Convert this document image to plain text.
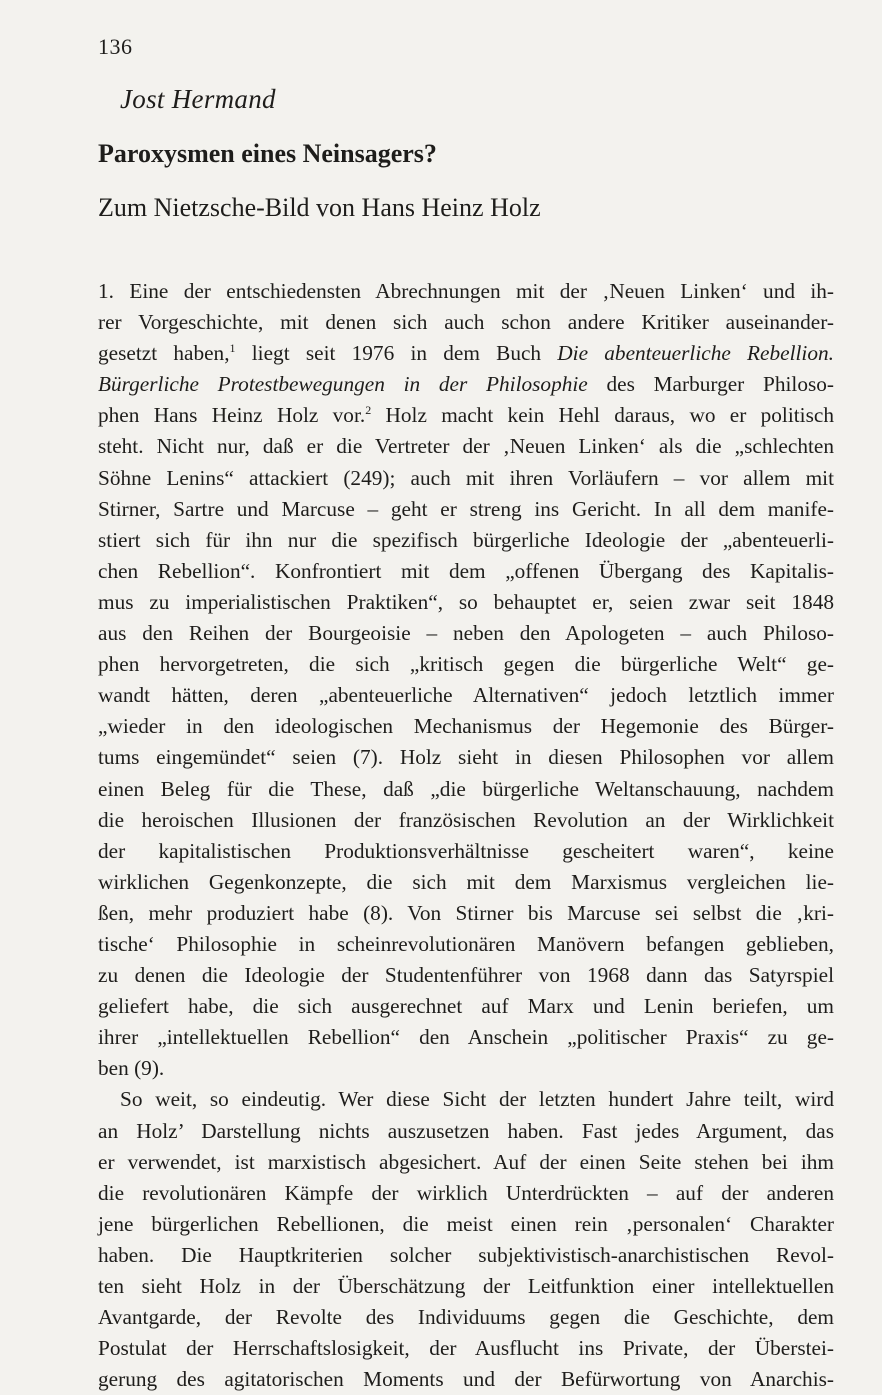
136
Jost Hermand
Paroxysmen eines Neinsagers?
Zum Nietzsche-Bild von Hans Heinz Holz
1. Eine der entschiedensten Abrechnungen mit der ‚Neuen Linken‘ und ih-
rer Vorgeschichte, mit denen sich auch schon andere Kritiker auseinander-
gesetzt haben,$^1$ liegt seit 1976 in dem Buch Die abenteuerliche Rebellion.
Bürgerliche Protestbewegungen in der Philosophie des Marburger Philoso-
phen Hans Heinz Holz vor.$^2$ Holz macht kein Hehl daraus, wo er politisch
steht. Nicht nur, daß er die Vertreter der ‚Neuen Linken‘ als die „schlechten
Söhne Lenins“ attackiert (249); auch mit ihren Vorläufern – vor allem mit
Stirner, Sartre und Marcuse – geht er streng ins Gericht. In all dem manife-
stiert sich für ihn nur die spezifisch bürgerliche Ideologie der „abenteuerli-
chen Rebellion“. Konfrontiert mit dem „offenen Übergang des Kapitalis-
mus zu imperialistischen Praktiken“, so behauptet er, seien zwar seit 1848
aus den Reihen der Bourgeoisie – neben den Apologeten – auch Philoso-
phen hervorgetreten, die sich „kritisch gegen die bürgerliche Welt“ ge-
wandt hätten, deren „abenteuerliche Alternativen“ jedoch letztlich immer
„wieder in den ideologischen Mechanismus der Hegemonie des Bürger-
tums eingemündet“ seien (7). Holz sieht in diesen Philosophen vor allem
einen Beleg für die These, daß „die bürgerliche Weltanschauung, nachdem
die heroischen Illusionen der französischen Revolution an der Wirklichkeit
der kapitalistischen Produktionsverhältnisse gescheitert waren“, keine
wirklichen Gegenkonzepte, die sich mit dem Marxismus vergleichen lie-
ßen, mehr produziert habe (8). Von Stirner bis Marcuse sei selbst die ‚kri-
tische‘ Philosophie in scheinrevolutionären Manövern befangen geblieben,
zu denen die Ideologie der Studentenführer von 1968 dann das Satyrspiel
geliefert habe, die sich ausgerechnet auf Marx und Lenin beriefen, um
ihrer „intellektuellen Rebellion“ den Anschein „politischer Praxis“ zu ge-
ben (9).
So weit, so eindeutig. Wer diese Sicht der letzten hundert Jahre teilt, wird
an Holz’ Darstellung nichts auszusetzen haben. Fast jedes Argument, das
er verwendet, ist marxistisch abgesichert. Auf der einen Seite stehen bei ihm
die revolutionären Kämpfe der wirklich Unterdrückten – auf der anderen
jene bürgerlichen Rebellionen, die meist einen rein ‚personalen‘ Charakter
haben. Die Hauptkriterien solcher subjektivistisch-anarchistischen Revol-
ten sieht Holz in der Überschätzung der Leitfunktion einer intellektuellen
Avantgarde, der Revolte des Individuums gegen die Geschichte, dem
Postulat der Herrschaftslosigkeit, der Ausflucht ins Private, der Überstei-
gerung des agitatorischen Moments und der Befürwortung von Anarchis-
